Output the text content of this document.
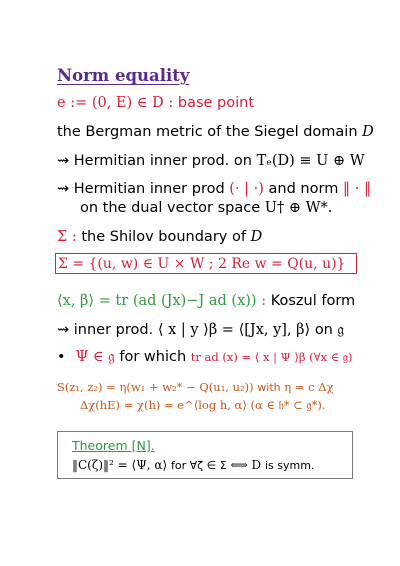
Norm equality
e := (0, E) ∈ D : base point
the Bergman metric of the Siegel domain D
⇝ Hermitian inner prod. on Tₑ(D) ≡ U ⊕ W
⇝ Hermitian inner prod (· | ·) and norm ‖ · ‖
on the dual vector space U† ⊕ W*.
Σ : the Shilov boundary of D
Σ = {(u, w) ∈ U × W ; 2 Re w = Q(u, u)}
⟨x, β⟩ = tr (ad (Jx)−J ad (x)) : Koszul form
⇝ inner prod. ⟨ x | y ⟩β = ⟨[Jx, y], β⟩ on 𝔤
• Ψ ∈ 𝔤 for which tr ad (x) = ⟨ x | Ψ ⟩β (∀x ∈ 𝔤)
S(z₁, z₂) = η(w₁ + w₂* − Q(u₁, u₂)) with η = c Δχ
Δχ(hE) = χ(h) = e^⟨log h, α⟩ (α ∈ 𝔥* ⊂ 𝔤*).
Theorem [N].
‖C(ζ)‖² = ⟨Ψ, α⟩ for ∀ζ ∈ Σ ⟺ D is symm.
